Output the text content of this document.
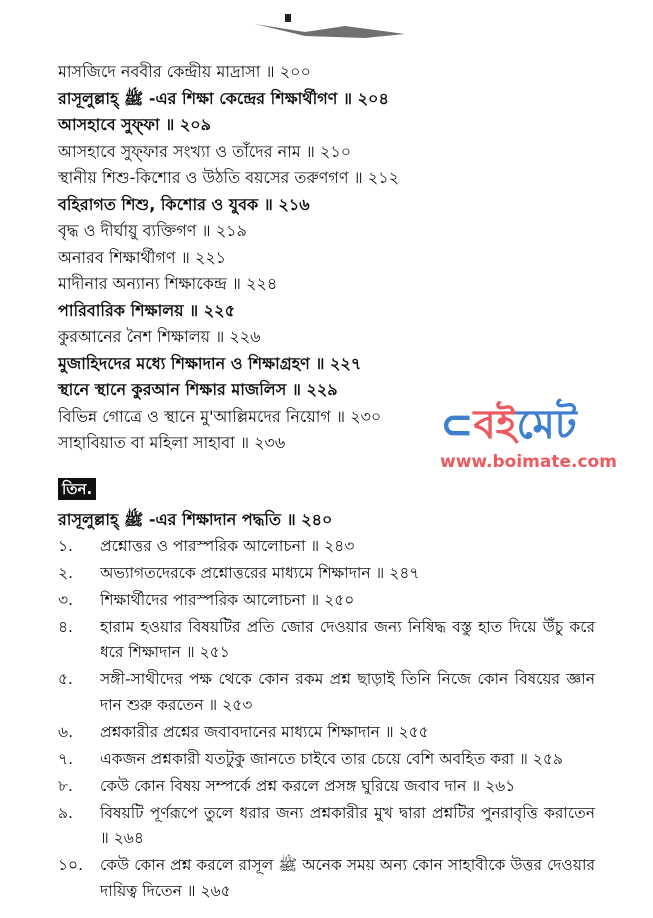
মাসজিদে নববীর কেন্দ্রীয় মাদ্রাসা ॥ ২০০
রাসূলুল্লাহ্ ﷺ -এর শিক্ষা কেন্দ্রের শিক্ষার্থীগণ ॥ ২০৪
আসহাবে সুফ্ফা ॥ ২০৯
আসহাবে সুফ্ফার সংখ্যা ও তাঁদের নাম ॥ ২১০
স্থানীয় শিশু-কিশোর ও উঠতি বয়সের তরুণগণ ॥ ২১২
বহিরাগত শিশু, কিশোর ও যুবক ॥ ২১৬
বৃদ্ধ ও দীর্ঘায়ু ব্যক্তিগণ ॥ ২১৯
অনারব শিক্ষার্থীগণ ॥ ২২১
মাদীনার অন্যান্য শিক্ষাকেন্দ্র ॥ ২২৪
পারিবারিক শিক্ষালয় ॥ ২২৫
কুরআনের নৈশ শিক্ষালয় ॥ ২২৬
মুজাহিদদের মধ্যে শিক্ষাদান ও শিক্ষাগ্রহণ ॥ ২২৭
স্থানে স্থানে কুরআন শিক্ষার মাজলিস ॥ ২২৯
বিভিন্ন গোত্রে ও স্থানে মু'আল্লিমদের নিয়োগ ॥ ২৩০
সাহাবিয়াত বা মহিলা সাহাবা ॥ ২৩৬
তিন.
রাসূলুল্লাহ্ ﷺ -এর শিক্ষাদান পদ্ধতি ॥ ২৪০
১.	প্রশ্নোত্তর ও পারস্পরিক আলোচনা ॥ ২৪৩
২.	অভ্যাগতদেরকে প্রশ্নোত্তরের মাধ্যমে শিক্ষাদান ॥ ২৪৭
৩.	শিক্ষার্থীদের পারস্পরিক আলোচনা ॥ ২৫০
৪.	হারাম হওয়ার বিষয়টির প্রতি জোর দেওয়ার জন্য নিষিদ্ধ বস্তু হাত দিয়ে উঁচু করে ধরে শিক্ষাদান ॥ ২৫১
৫.	সঙ্গী-সাথীদের পক্ষ থেকে কোন রকম প্রশ্ন ছাড়াই তিনি নিজে কোন বিষয়ের জ্ঞান দান শুরু করতেন ॥ ২৫৩
৬.	প্রশ্নকারীর প্রশ্নের জবাবদানের মাধ্যমে শিক্ষাদান ॥ ২৫৫
৭.	একজন প্রশ্নকারী যতটুকু জানতে চাইবে তার চেয়ে বেশি অবহিত করা ॥ ২৫৯
৮.	কেউ কোন বিষয় সম্পর্কে প্রশ্ন করলে প্রসঙ্গ ঘুরিয়ে জবাব দান ॥ ২৬১
৯.	বিষয়টি পূর্ণরূপে তুলে ধরার জন্য প্রশ্নকারীর মুখ দ্বারা প্রশ্নটির পুনরাবৃত্তি করাতেন ॥ ২৬৪
১০.	কেউ কোন প্রশ্ন করলে রাসূল ﷺ অনেক সময় অন্য কোন সাহাবীকে উত্তর দেওয়ার দায়িত্ব দিতেন ॥ ২৬৫
⊂বইমেট
www.boimate.com
